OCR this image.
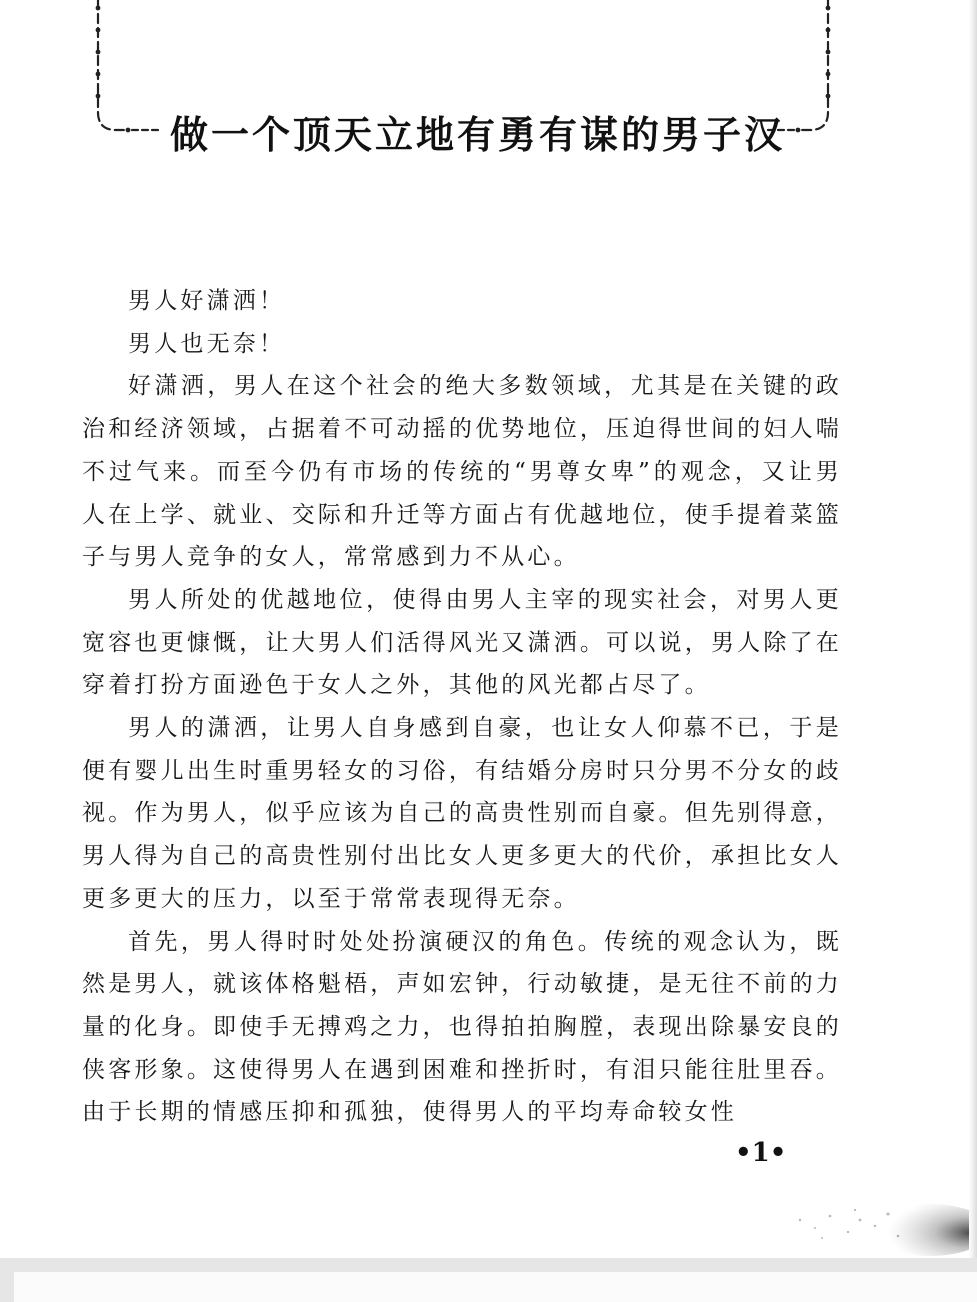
做一个顶天立地有勇有谋的男子汉

男人好潇洒！

男人也无奈！

好潇洒，男人在这个社会的绝大多数领域，尤其是在关键的政治和经济领域，占据着不可动摇的优势地位，压迫得世间的妇人喘不过气来。而至今仍有市场的传统的“男尊女卑”的观念，又让男人在上学、就业、交际和升迁等方面占有优越地位，使手提着菜篮子与男人竞争的女人，常常感到力不从心。

男人所处的优越地位，使得由男人主宰的现实社会，对男人更宽容也更慷慨，让大男人们活得风光又潇洒。可以说，男人除了在穿着打扮方面逊色于女人之外，其他的风光都占尽了。

男人的潇洒，让男人自身感到自豪，也让女人仰慕不已，于是便有婴儿出生时重男轻女的习俗，有结婚分房时只分男不分女的歧视。作为男人，似乎应该为自己的高贵性别而自豪。但先别得意，男人得为自己的高贵性别付出比女人更多更大的代价，承担比女人更多更大的压力，以至于常常表现得无奈。

首先，男人得时时处处扮演硬汉的角色。传统的观念认为，既然是男人，就该体格魁梧，声如宏钟，行动敏捷，是无往不前的力量的化身。即使手无搏鸡之力，也得拍拍胸膛，表现出除暴安良的侠客形象。这使得男人在遇到困难和挫折时，有泪只能往肚里吞。由于长期的情感压抑和孤独，使得男人的平均寿命较女性

•1•
